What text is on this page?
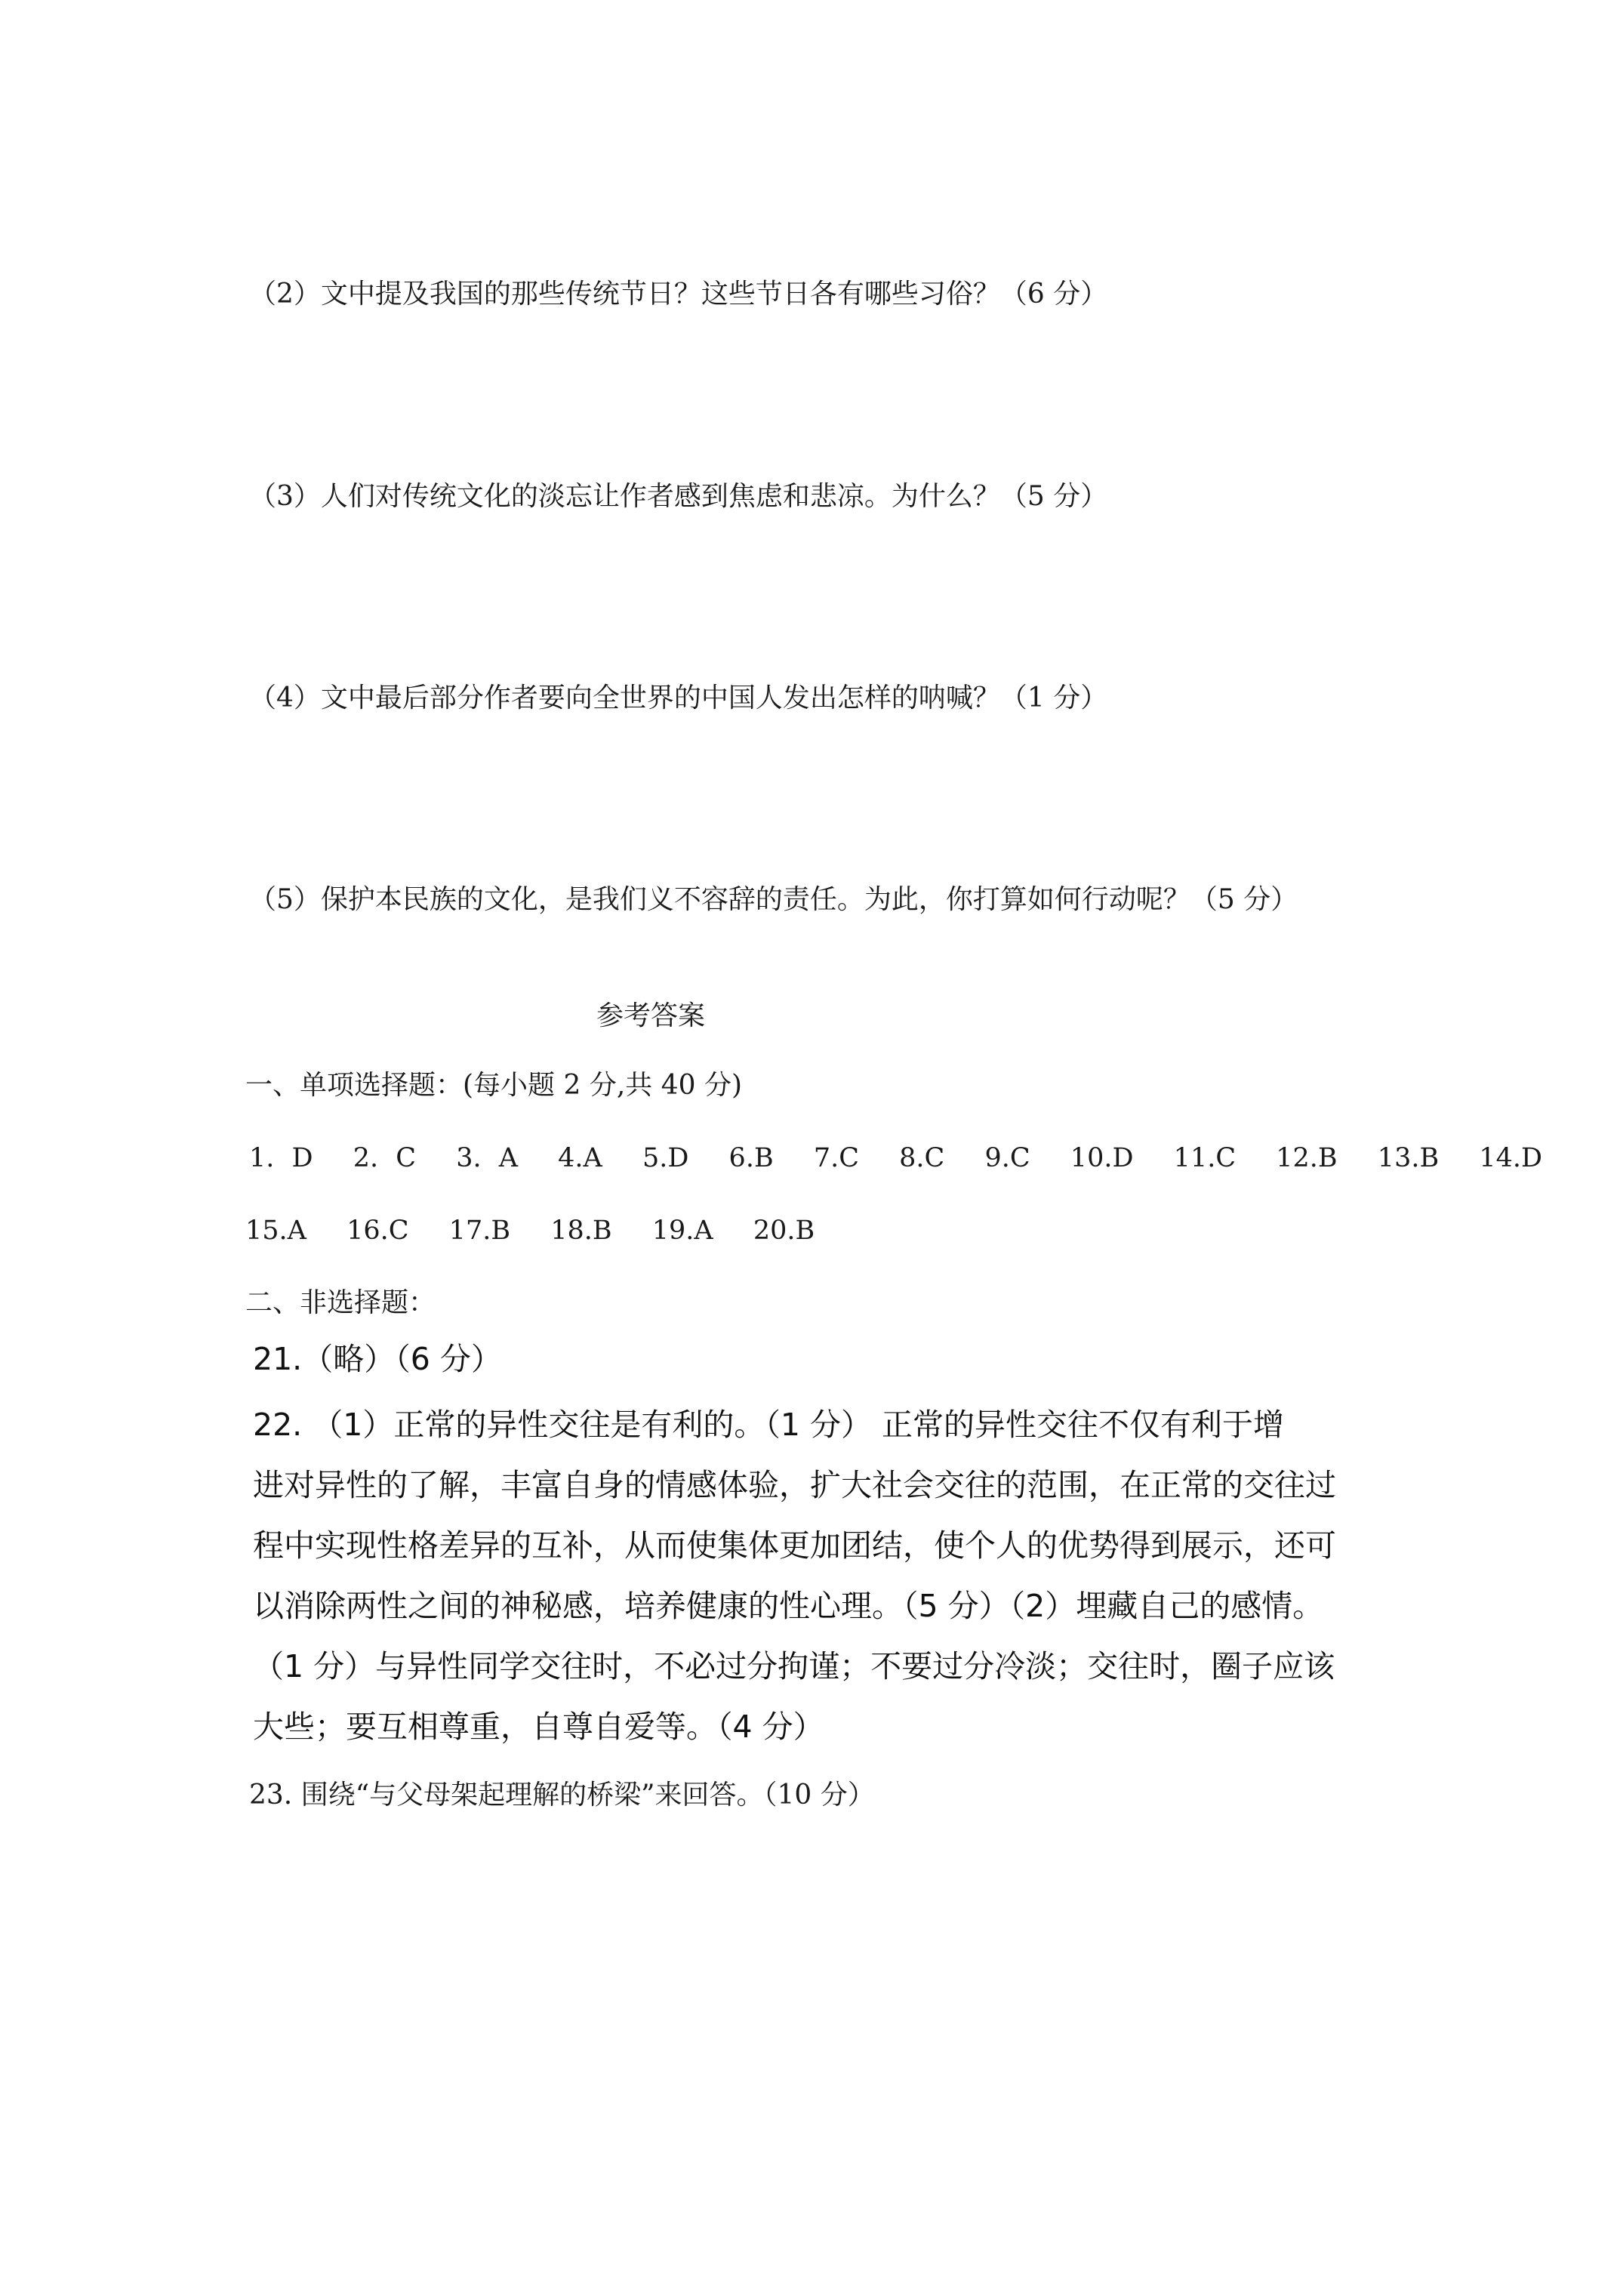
（2）文中提及我国的那些传统节日？这些节日各有哪些习俗？（6 分）
（3）人们对传统文化的淡忘让作者感到焦虑和悲凉。为什么？（5 分）
（4）文中最后部分作者要向全世界的中国人发出怎样的呐喊？（1 分）
（5）保护本民族的文化，是我们义不容辞的责任。为此，你打算如何行动呢？（5 分）
参考答案
一、单项选择题：(每小题 2 分,共 40 分)
1. D 2. C 3. A 4.A 5.D 6.B 7.C 8.C 9.C 10.D 11.C 12.B 13.B 14.D
15.A 16.C 17.B 18.B 19.A 20.B
二、非选择题：
21.（略）（6 分）
22. （1）正常的异性交往是有利的。（1 分） 正常的异性交往不仅有利于增
进对异性的了解，丰富自身的情感体验，扩大社会交往的范围，在正常的交往过
程中实现性格差异的互补，从而使集体更加团结，使个人的优势得到展示，还可
以消除两性之间的神秘感，培养健康的性心理。（5 分）（2）埋藏自己的感情。
（1 分）与异性同学交往时，不必过分拘谨；不要过分冷淡；交往时，圈子应该
大些；要互相尊重，自尊自爱等。（4 分）
23. 围绕“与父母架起理解的桥梁”来回答。（10 分）
